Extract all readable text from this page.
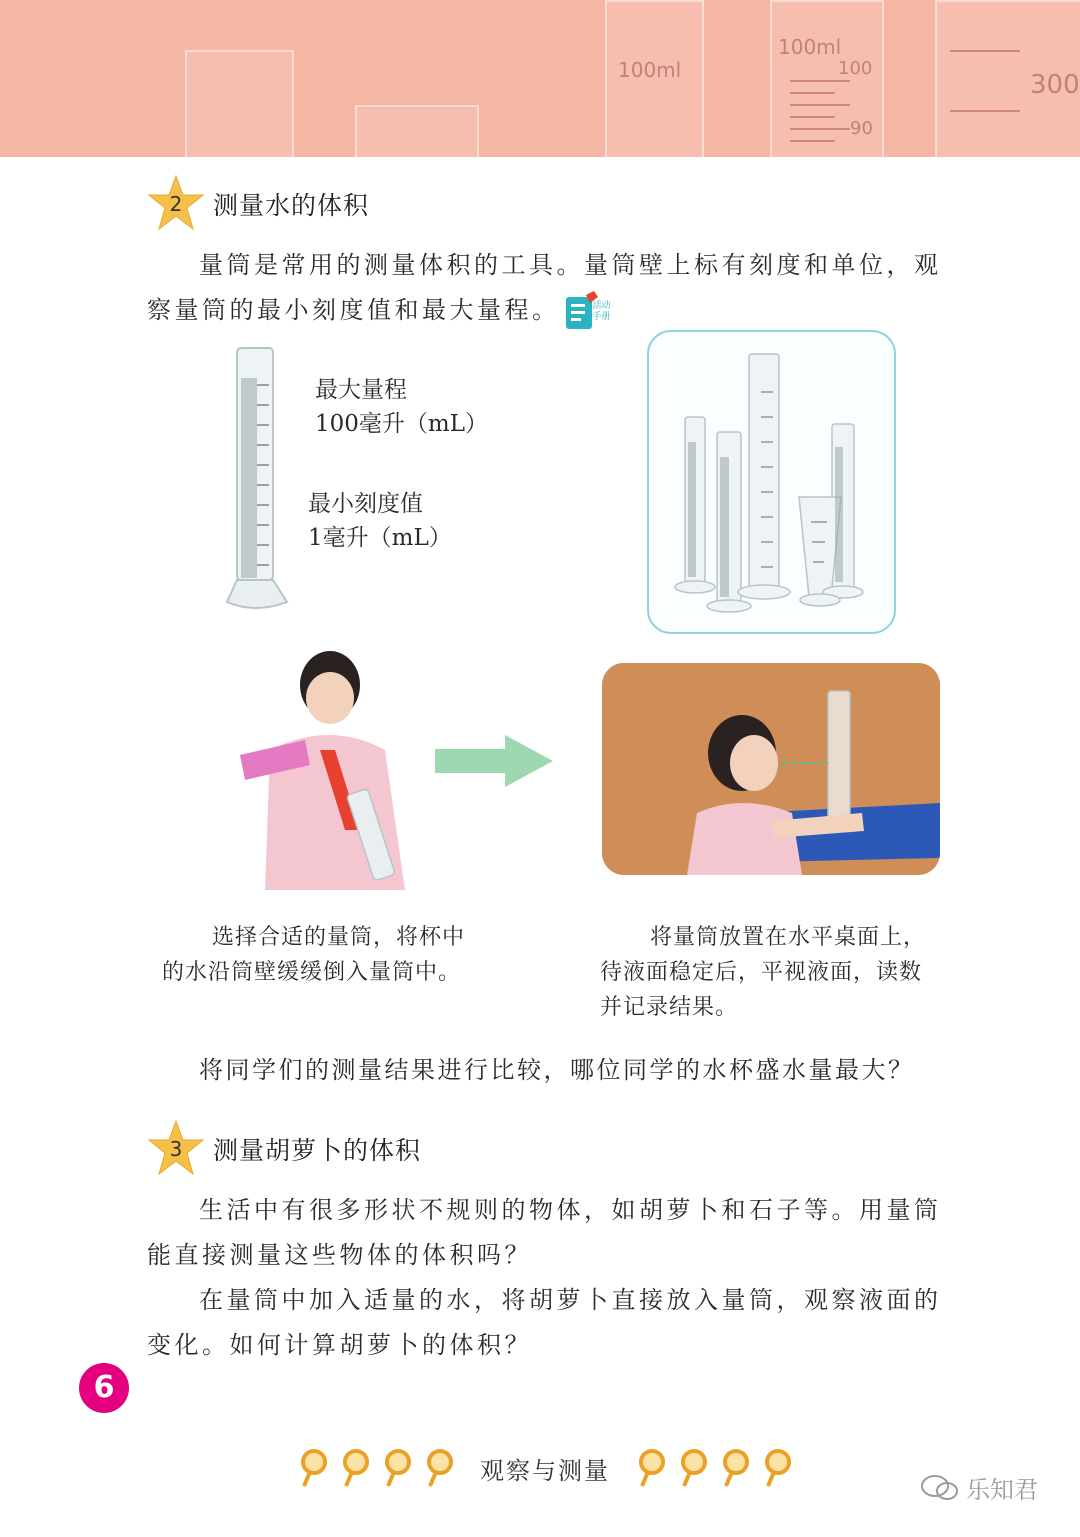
100ml
100ml
100
90
300
2	测量水的体积

量筒是常用的测量体积的工具。量筒壁上标有刻度和单位，观

察量筒的最小刻度值和最大量程。	活动手册
最大量程
100毫升（mL）
最小刻度值
1毫升（mL）
选择合适的量筒，将杯中
的水沿筒壁缓缓倒入量筒中。
将量筒放置在水平桌面上，
待液面稳定后，平视液面，读数
并记录结果。

将同学们的测量结果进行比较，哪位同学的水杯盛水量最大？

3	测量胡萝卜的体积

生活中有很多形状不规则的物体，如胡萝卜和石子等。用量筒

能直接测量这些物体的体积吗？

在量筒中加入适量的水，将胡萝卜直接放入量筒，观察液面的

变化。如何计算胡萝卜的体积？
6
观察与测量
乐知君
